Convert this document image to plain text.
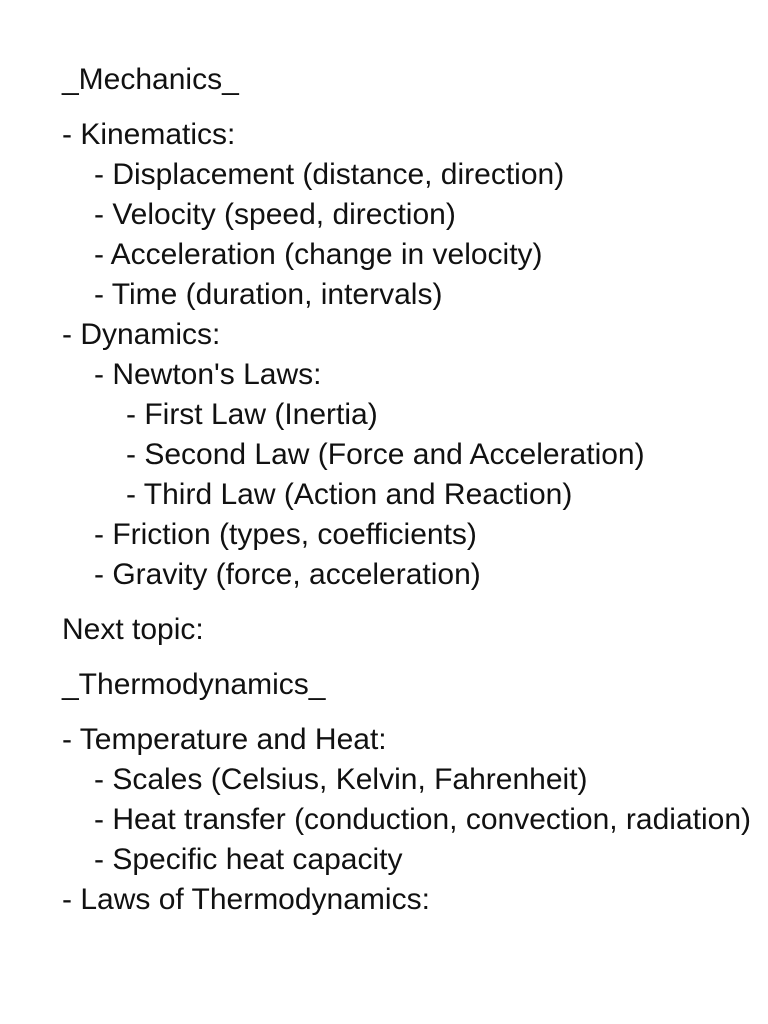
_Mechanics_

- Kinematics:
- Displacement (distance, direction)
- Velocity (speed, direction)
- Acceleration (change in velocity)
- Time (duration, intervals)
- Dynamics:
- Newton's Laws:
- First Law (Inertia)
- Second Law (Force and Acceleration)
- Third Law (Action and Reaction)
- Friction (types, coefficients)
- Gravity (force, acceleration)

Next topic:

_Thermodynamics_

- Temperature and Heat:
- Scales (Celsius, Kelvin, Fahrenheit)
- Heat transfer (conduction, convection, radiation)
- Specific heat capacity
- Laws of Thermodynamics:
